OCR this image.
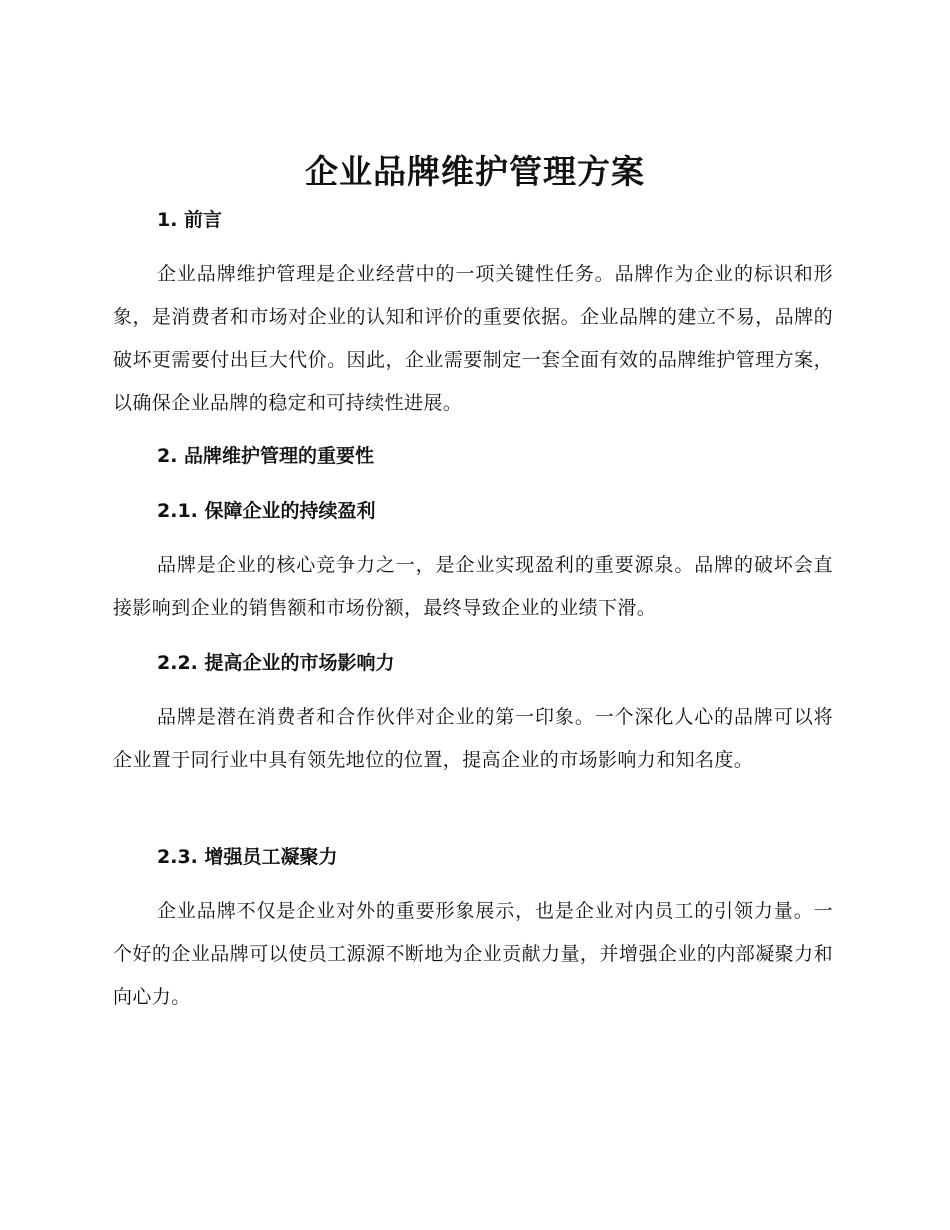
企业品牌维护管理方案
1. 前言

企业品牌维护管理是企业经营中的一项关键性任务。品牌作为企业的标识和形象，是消费者和市场对企业的认知和评价的重要依据。企业品牌的建立不易，品牌的破坏更需要付出巨大代价。因此，企业需要制定一套全面有效的品牌维护管理方案，以确保企业品牌的稳定和可持续性进展。

2. 品牌维护管理的重要性
2.1. 保障企业的持续盈利

品牌是企业的核心竞争力之一，是企业实现盈利的重要源泉。品牌的破坏会直接影响到企业的销售额和市场份额，最终导致企业的业绩下滑。

2.2. 提高企业的市场影响力

品牌是潜在消费者和合作伙伴对企业的第一印象。一个深化人心的品牌可以将企业置于同行业中具有领先地位的位置，提高企业的市场影响力和知名度。

2.3. 增强员工凝聚力

企业品牌不仅是企业对外的重要形象展示，也是企业对内员工的引领力量。一个好的企业品牌可以使员工源源不断地为企业贡献力量，并增强企业的内部凝聚力和向心力。
